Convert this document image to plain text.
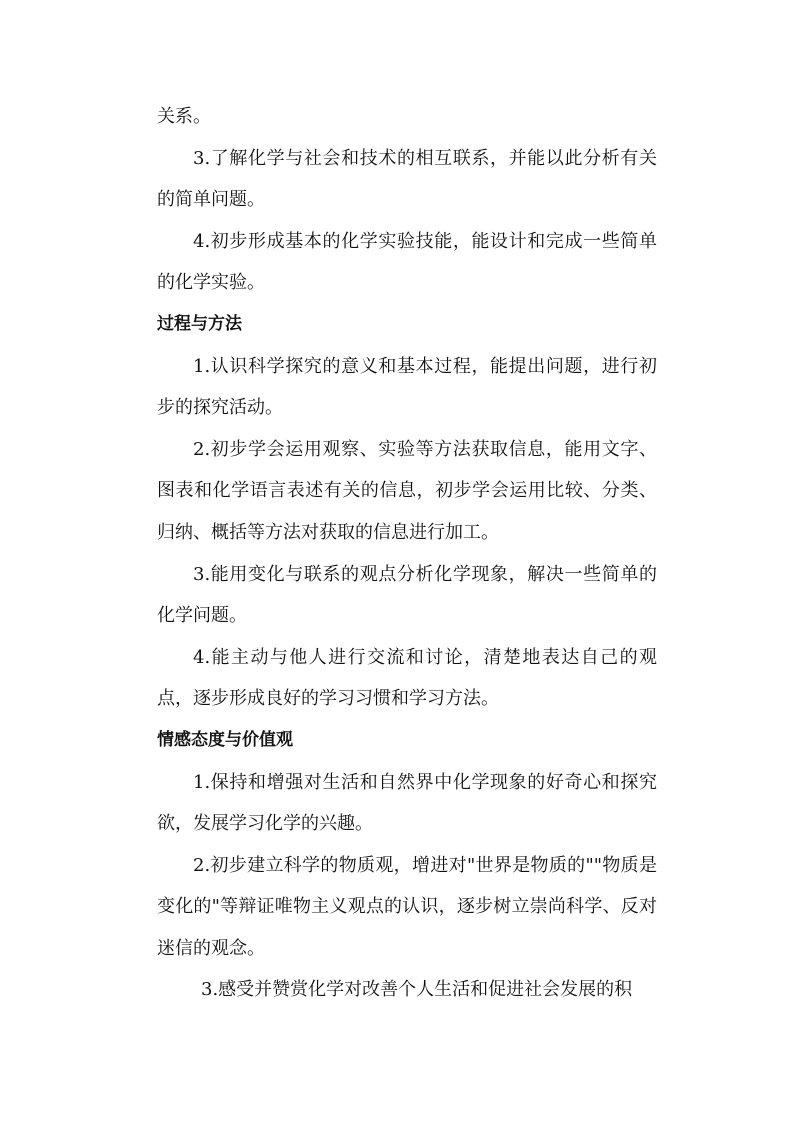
关系。

3.了解化学与社会和技术的相互联系，并能以此分析有关的简单问题。

4.初步形成基本的化学实验技能，能设计和完成一些简单的化学实验。

过程与方法

1.认识科学探究的意义和基本过程，能提出问题，进行初步的探究活动。

2.初步学会运用观察、实验等方法获取信息，能用文字、图表和化学语言表述有关的信息，初步学会运用比较、分类、归纳、概括等方法对获取的信息进行加工。

3.能用变化与联系的观点分析化学现象，解决一些简单的化学问题。

4.能主动与他人进行交流和讨论，清楚地表达自己的观点，逐步形成良好的学习习惯和学习方法。

情感态度与价值观

1.保持和增强对生活和自然界中化学现象的好奇心和探究欲，发展学习化学的兴趣。

2.初步建立科学的物质观，增进对"世界是物质的""物质是变化的"等辩证唯物主义观点的认识，逐步树立崇尚科学、反对迷信的观念。

3.感受并赞赏化学对改善个人生活和促进社会发展的积
